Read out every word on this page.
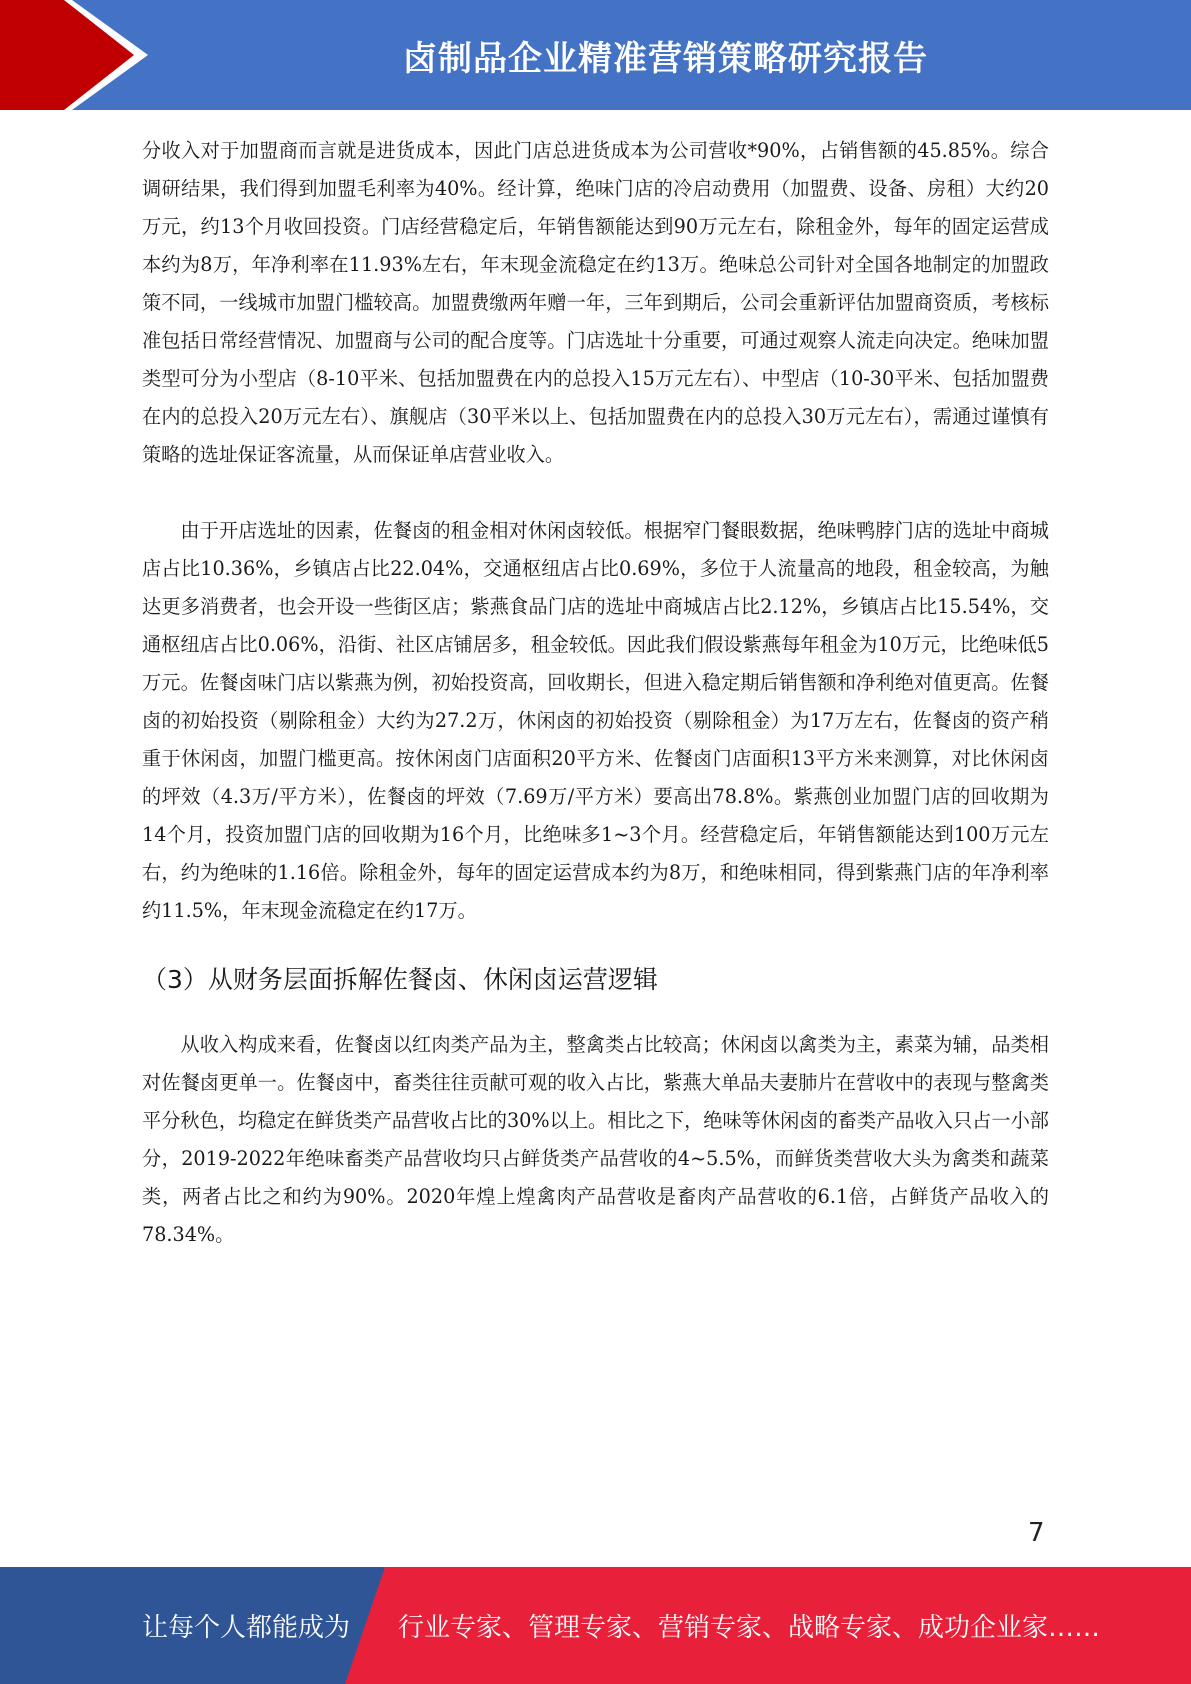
卤制品企业精准营销策略研究报告

分收入对于加盟商而言就是进货成本，因此门店总进货成本为公司营收*90%，占销售额的45.85%。综合调研结果，我们得到加盟毛利率为40%。经计算，绝味门店的冷启动费用（加盟费、设备、房租）大约20万元，约13个月收回投资。门店经营稳定后，年销售额能达到90万元左右，除租金外，每年的固定运营成本约为8万，年净利率在11.93%左右，年末现金流稳定在约13万。绝味总公司针对全国各地制定的加盟政策不同，一线城市加盟门槛较高。加盟费缴两年赠一年，三年到期后，公司会重新评估加盟商资质，考核标准包括日常经营情况、加盟商与公司的配合度等。门店选址十分重要，可通过观察人流走向决定。绝味加盟类型可分为小型店（8-10平米、包括加盟费在内的总投入15万元左右）、中型店（10-30平米、包括加盟费在内的总投入20万元左右）、旗舰店（30平米以上、包括加盟费在内的总投入30万元左右），需通过谨慎有策略的选址保证客流量，从而保证单店营业收入。

由于开店选址的因素，佐餐卤的租金相对休闲卤较低。根据窄门餐眼数据，绝味鸭脖门店的选址中商城店占比10.36%，乡镇店占比22.04%，交通枢纽店占比0.69%，多位于人流量高的地段，租金较高，为触达更多消费者，也会开设一些街区店；紫燕食品门店的选址中商城店占比2.12%，乡镇店占比15.54%，交通枢纽店占比0.06%，沿街、社区店铺居多，租金较低。因此我们假设紫燕每年租金为10万元，比绝味低5万元。佐餐卤味门店以紫燕为例，初始投资高，回收期长，但进入稳定期后销售额和净利绝对值更高。佐餐卤的初始投资（剔除租金）大约为27.2万，休闲卤的初始投资（剔除租金）为17万左右，佐餐卤的资产稍重于休闲卤，加盟门槛更高。按休闲卤门店面积20平方米、佐餐卤门店面积13平方米来测算，对比休闲卤的坪效（4.3万/平方米），佐餐卤的坪效（7.69万/平方米）要高出78.8%。紫燕创业加盟门店的回收期为14个月，投资加盟门店的回收期为16个月，比绝味多1~3个月。经营稳定后，年销售额能达到100万元左右，约为绝味的1.16倍。除租金外，每年的固定运营成本约为8万，和绝味相同，得到紫燕门店的年净利率约11.5%，年末现金流稳定在约17万。

（3）从财务层面拆解佐餐卤、休闲卤运营逻辑

从收入构成来看，佐餐卤以红肉类产品为主，整禽类占比较高；休闲卤以禽类为主，素菜为辅，品类相对佐餐卤更单一。佐餐卤中，畜类往往贡献可观的收入占比，紫燕大单品夫妻肺片在营收中的表现与整禽类平分秋色，均稳定在鲜货类产品营收占比的30%以上。相比之下，绝味等休闲卤的畜类产品收入只占一小部分，2019-2022年绝味畜类产品营收均只占鲜货类产品营收的4~5.5%，而鲜货类营收大头为禽类和蔬菜类，两者占比之和约为90%。2020年煌上煌禽肉产品营收是畜肉产品营收的6.1倍，占鲜货产品收入的78.34%。

7
让每个人都能成为 行业专家、管理专家、营销专家、战略专家、成功企业家……
